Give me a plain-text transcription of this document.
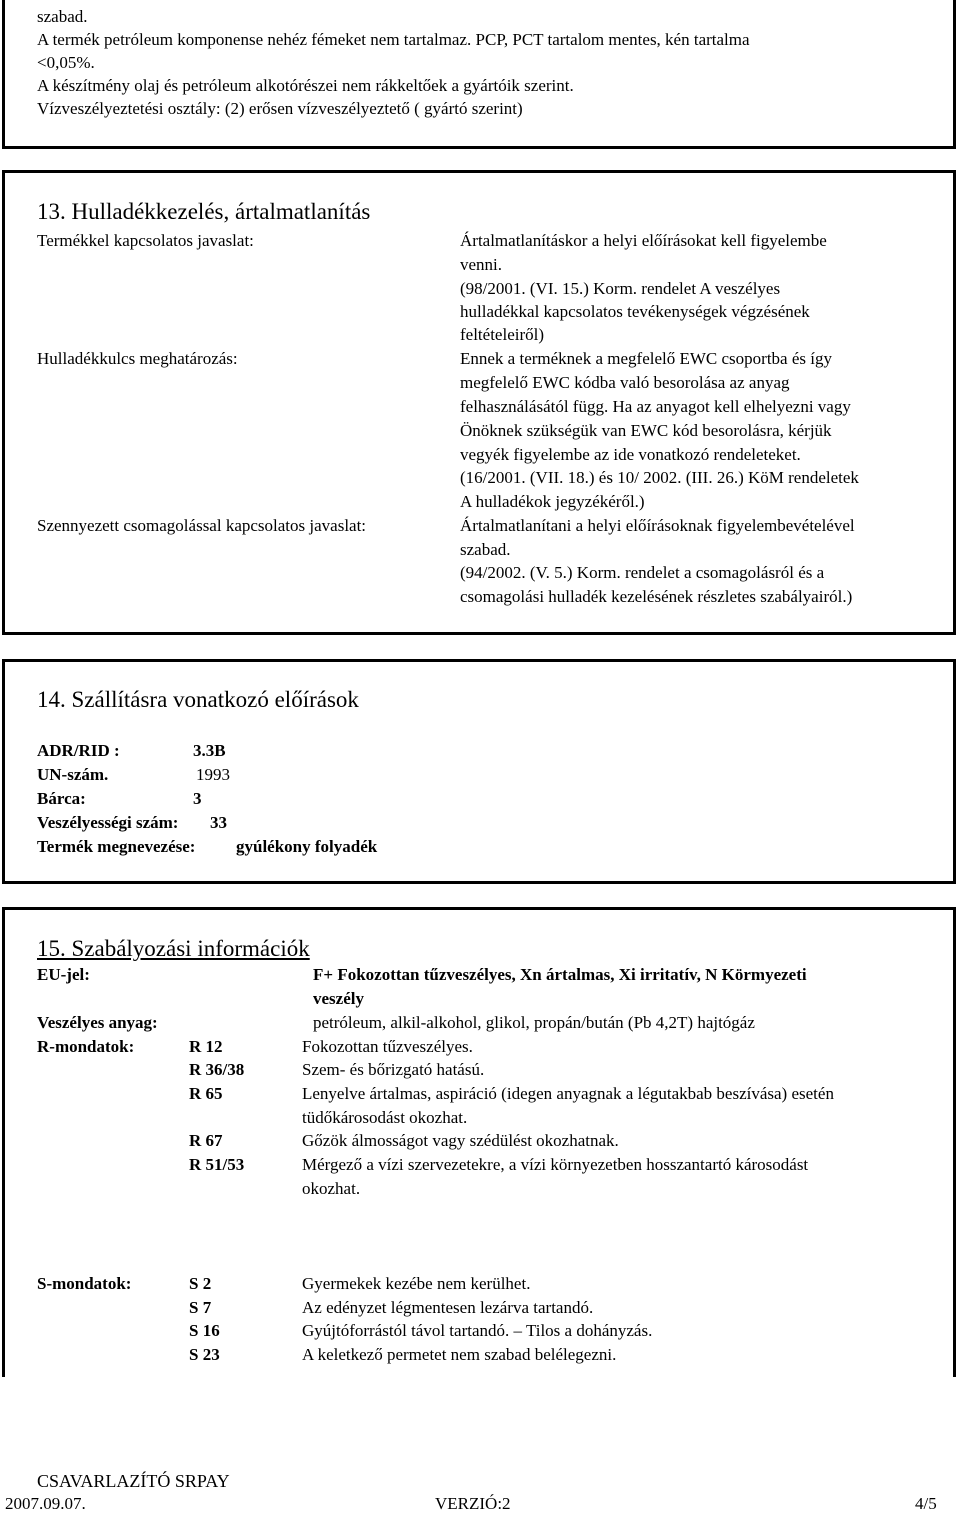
szabad.
A termék petróleum komponense nehéz fémeket nem tartalmaz. PCP, PCT tartalom mentes, kén tartalma
<0,05%.
A készítmény olaj és petróleum alkotórészei nem rákkeltőek a gyártóik szerint.
Vízveszélyeztetési osztály: (2) erősen vízveszélyeztető ( gyártó szerint)
13. Hulladékkezelés, ártalmatlanítás
Termékkel kapcsolatos javaslat:	Ártalmatlanításkor a helyi előírásokat kell figyelembe
venni.
(98/2001. (VI. 15.) Korm. rendelet A veszélyes
hulladékkal kapcsolatos tevékenységek végzésének
feltételeiről)
Hulladékkulcs meghatározás:	Ennek a terméknek a megfelelő EWC csoportba és így
megfelelő EWC kódba való besorolása az anyag
felhasználásától függ. Ha az anyagot kell elhelyezni vagy
Önöknek szükségük van EWC kód besorolásra, kérjük
vegyék figyelembe az ide vonatkozó rendeleteket.
(16/2001. (VII. 18.) és 10/ 2002. (III. 26.) KöM rendeletek
A hulladékok jegyzékéről.)
Szennyezett csomagolással kapcsolatos javaslat:	Ártalmatlanítani a helyi előírásoknak figyelembevételével
szabad.
(94/2002. (V. 5.) Korm. rendelet a csomagolásról és a
csomagolási hulladék kezelésének részletes szabályairól.)
14. Szállításra vonatkozó előírások
ADR/RID :	3.3B
UN-szám.	1993
Bárca:	3
Veszélyességi szám: 33
Termék megnevezése: gyúlékony folyadék
15. Szabályozási információk
EU-jel:	F+ Fokozottan tűzveszélyes, Xn ártalmas, Xi irritatív, N Körmyezeti
veszély
Veszélyes anyag:	petróleum, alkil-alkohol, glikol, propán/bután (Pb 4,2T) hajtógáz
R-mondatok:	R 12	Fokozottan tűzveszélyes.
R 36/38	Szem- és bőrizgató hatású.
R 65	Lenyelve ártalmas, aspiráció (idegen anyagnak a légutakbab beszívása) esetén
tüdőkárosodást okozhat.
R 67	Gőzök álmosságot vagy szédülést okozhatnak.
R 51/53	Mérgező a vízi szervezetekre, a vízi környezetben hosszantartó károsodást
okozhat.
S-mondatok:	S 2	Gyermekek kezébe nem kerülhet.
S 7	Az edényzet légmentesen lezárva tartandó.
S 16	Gyújtóforrástól távol tartandó. – Tilos a dohányzás.
S 23	A keletkező permetet nem szabad belélegezni.
CSAVARLAZÍTÓ SRPAY
2007.09.07.	VERZIÓ:2	4/5
